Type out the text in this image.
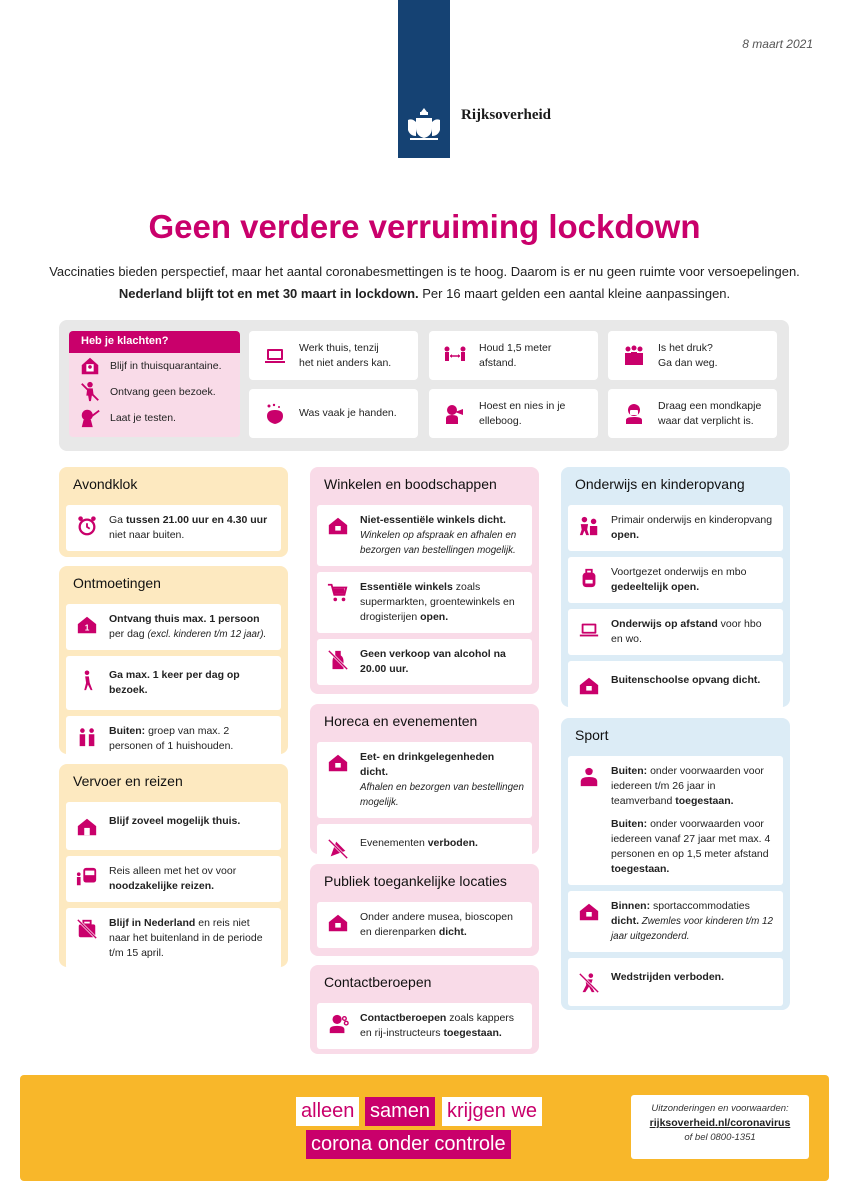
8 maart 2021
Rijksoverheid
Geen verdere verruiming lockdown
Vaccinaties bieden perspectief, maar het aantal coronabesmettingen is te hoog. Daarom is er nu geen ruimte voor versoepelingen.
Nederland blijft tot en met 30 maart in lockdown. Per 16 maart gelden een aantal kleine aanpassingen.
Heb je klachten?
Blijf in thuisquarantaine.
Ontvang geen bezoek.
Laat je testen.
Werk thuis, tenzij
het niet anders kan.
Houd 1,5 meter
afstand.
Is het druk?
Ga dan weg.
Was vaak je handen.
Hoest en nies in je
elleboog.
Draag een mondkapje
waar dat verplicht is.
Avondklok
Ga tussen 21.00 uur en 4.30 uur niet naar buiten.
Ontmoetingen
1
Ontvang thuis max. 1 persoon per dag (excl. kinderen t/m 12 jaar).
Ga max. 1 keer per dag op bezoek.
Buiten: groep van max. 2 personen of 1 huishouden.
Vervoer en reizen
Blijf zoveel mogelijk thuis.
Reis alleen met het ov voor noodzakelijke reizen.
Blijf in Nederland en reis niet naar het buitenland in de periode t/m 15 april.
Winkelen en boodschappen
Niet-essentiële winkels dicht.
Winkelen op afspraak en afhalen en bezorgen van bestellingen mogelijk.
Essentiële winkels zoals supermarkten, groentewinkels en drogisterijen open.
Geen verkoop van alcohol na 20.00 uur.
Horeca en evenementen
Eet- en drinkgelegenheden dicht.
Afhalen en bezorgen van bestellingen mogelijk.
Evenementen verboden.
Publiek toegankelijke locaties
Onder andere musea, bioscopen en dierenparken dicht.
Contactberoepen
Contactberoepen zoals kappers en rij-instructeurs toegestaan.
Onderwijs en kinderopvang
Primair onderwijs en kinderopvang open.
Voortgezet onderwijs en mbo gedeeltelijk open.
Onderwijs op afstand voor hbo en wo.
Buitenschoolse opvang dicht.
Sport
Buiten: onder voorwaarden voor iedereen t/m 26 jaar in teamverband toegestaan.
Buiten: onder voorwaarden voor iedereen vanaf 27 jaar met max. 4 personen en op 1,5 meter afstand toegestaan.
Binnen: sportaccommodaties dicht. Zwemles voor kinderen t/m 12 jaar uitgezonderd.
Wedstrijden verboden.
alleen samen krijgen we
corona onder controle
Uitzonderingen en voorwaarden:
rijksoverheid.nl/coronavirus
of bel 0800-1351
